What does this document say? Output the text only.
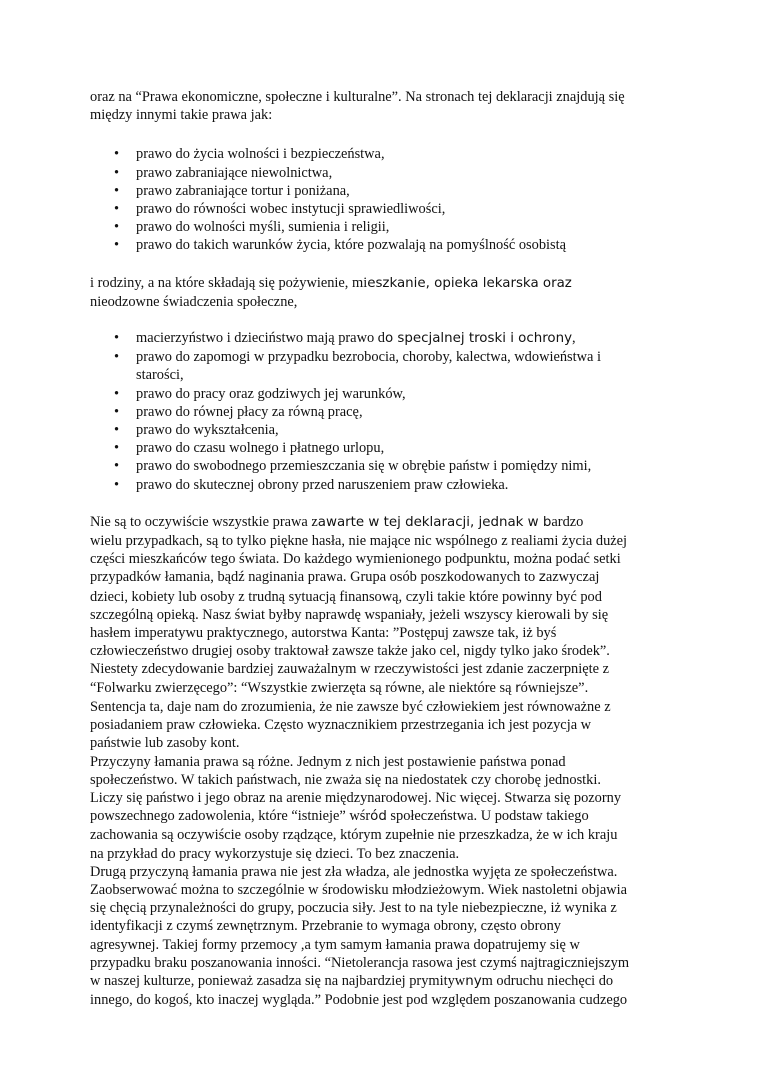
oraz na “Prawa ekonomiczne, społeczne i kulturalne”. Na stronach tej deklaracji znajdują się
między innymi takie prawa jak:

• prawo do życia wolności i bezpieczeństwa,
• prawo zabraniające niewolnictwa,
• prawo zabraniające tortur i poniżana,
• prawo do równości wobec instytucji sprawiedliwości,
• prawo do wolności myśli, sumienia i religii,
• prawo do takich warunków życia, które pozwalają na pomyślność osobistą

i rodziny, a na które składają się pożywienie, mieszkanie, opieka lekarska oraz
nieodzowne świadczenia społeczne,

• macierzyństwo i dzieciństwo mają prawo do specjalnej troski i ochrony,
• prawo do zapomogi w przypadku bezrobocia, choroby, kalectwa, wdowieństwa i
starości,
• prawo do pracy oraz godziwych jej warunków,
• prawo do równej płacy za równą pracę,
• prawo do wykształcenia,
• prawo do czasu wolnego i płatnego urlopu,
• prawo do swobodnego przemieszczania się w obrębie państw i pomiędzy nimi,
• prawo do skutecznej obrony przed naruszeniem praw człowieka.

Nie są to oczywiście wszystkie prawa zawarte w tej deklaracji, jednak w bardzo
wielu przypadkach, są to tylko piękne hasła, nie mające nic wspólnego z realiami życia dużej
części mieszkańców tego świata. Do każdego wymienionego podpunktu, można podać setki
przypadków łamania, bądź naginania prawa. Grupa osób poszkodowanych to zazwyczaj
dzieci, kobiety lub osoby z trudną sytuacją finansową, czyli takie które powinny być pod
szczególną opieką. Nasz świat byłby naprawdę wspaniały, jeżeli wszyscy kierowali by się
hasłem imperatywu praktycznego, autorstwa Kanta: ”Postępuj zawsze tak, iż byś
człowieczeństwo drugiej osoby traktował zawsze także jako cel, nigdy tylko jako środek”.
Niestety zdecydowanie bardziej zauważalnym w rzeczywistości jest zdanie zaczerpnięte z
“Folwarku zwierzęcego”: “Wszystkie zwierzęta są równe, ale niektóre są równiejsze”.
Sentencja ta, daje nam do zrozumienia, że nie zawsze być człowiekiem jest równoważne z
posiadaniem praw człowieka. Często wyznacznikiem przestrzegania ich jest pozycja w
państwie lub zasoby kont.
Przyczyny łamania prawa są różne. Jednym z nich jest postawienie państwa ponad
społeczeństwo. W takich państwach, nie zważa się na niedostatek czy chorobę jednostki.
Liczy się państwo i jego obraz na arenie międzynarodowej. Nic więcej. Stwarza się pozorny
powszechnego zadowolenia, które “istnieje” wśród społeczeństwa. U podstaw takiego
zachowania są oczywiście osoby rządzące, którym zupełnie nie przeszkadza, że w ich kraju
na przykład do pracy wykorzystuje się dzieci. To bez znaczenia.
Drugą przyczyną łamania prawa nie jest zła władza, ale jednostka wyjęta ze społeczeństwa.
Zaobserwować można to szczególnie w środowisku młodzieżowym. Wiek nastoletni objawia
się chęcią przynależności do grupy, poczucia siły. Jest to na tyle niebezpieczne, iż wynika z
identyfikacji z czymś zewnętrznym. Przebranie to wymaga obrony, często obrony
agresywnej. Takiej formy przemocy ,a tym samym łamania prawa dopatrujemy się w
przypadku braku poszanowania inności. “Nietolerancja rasowa jest czymś najtragiczniejszym
w naszej kulturze, ponieważ zasadza się na najbardziej prymitywnym odruchu niechęci do
innego, do kogoś, kto inaczej wygląda.” Podobnie jest pod względem poszanowania cudzego
